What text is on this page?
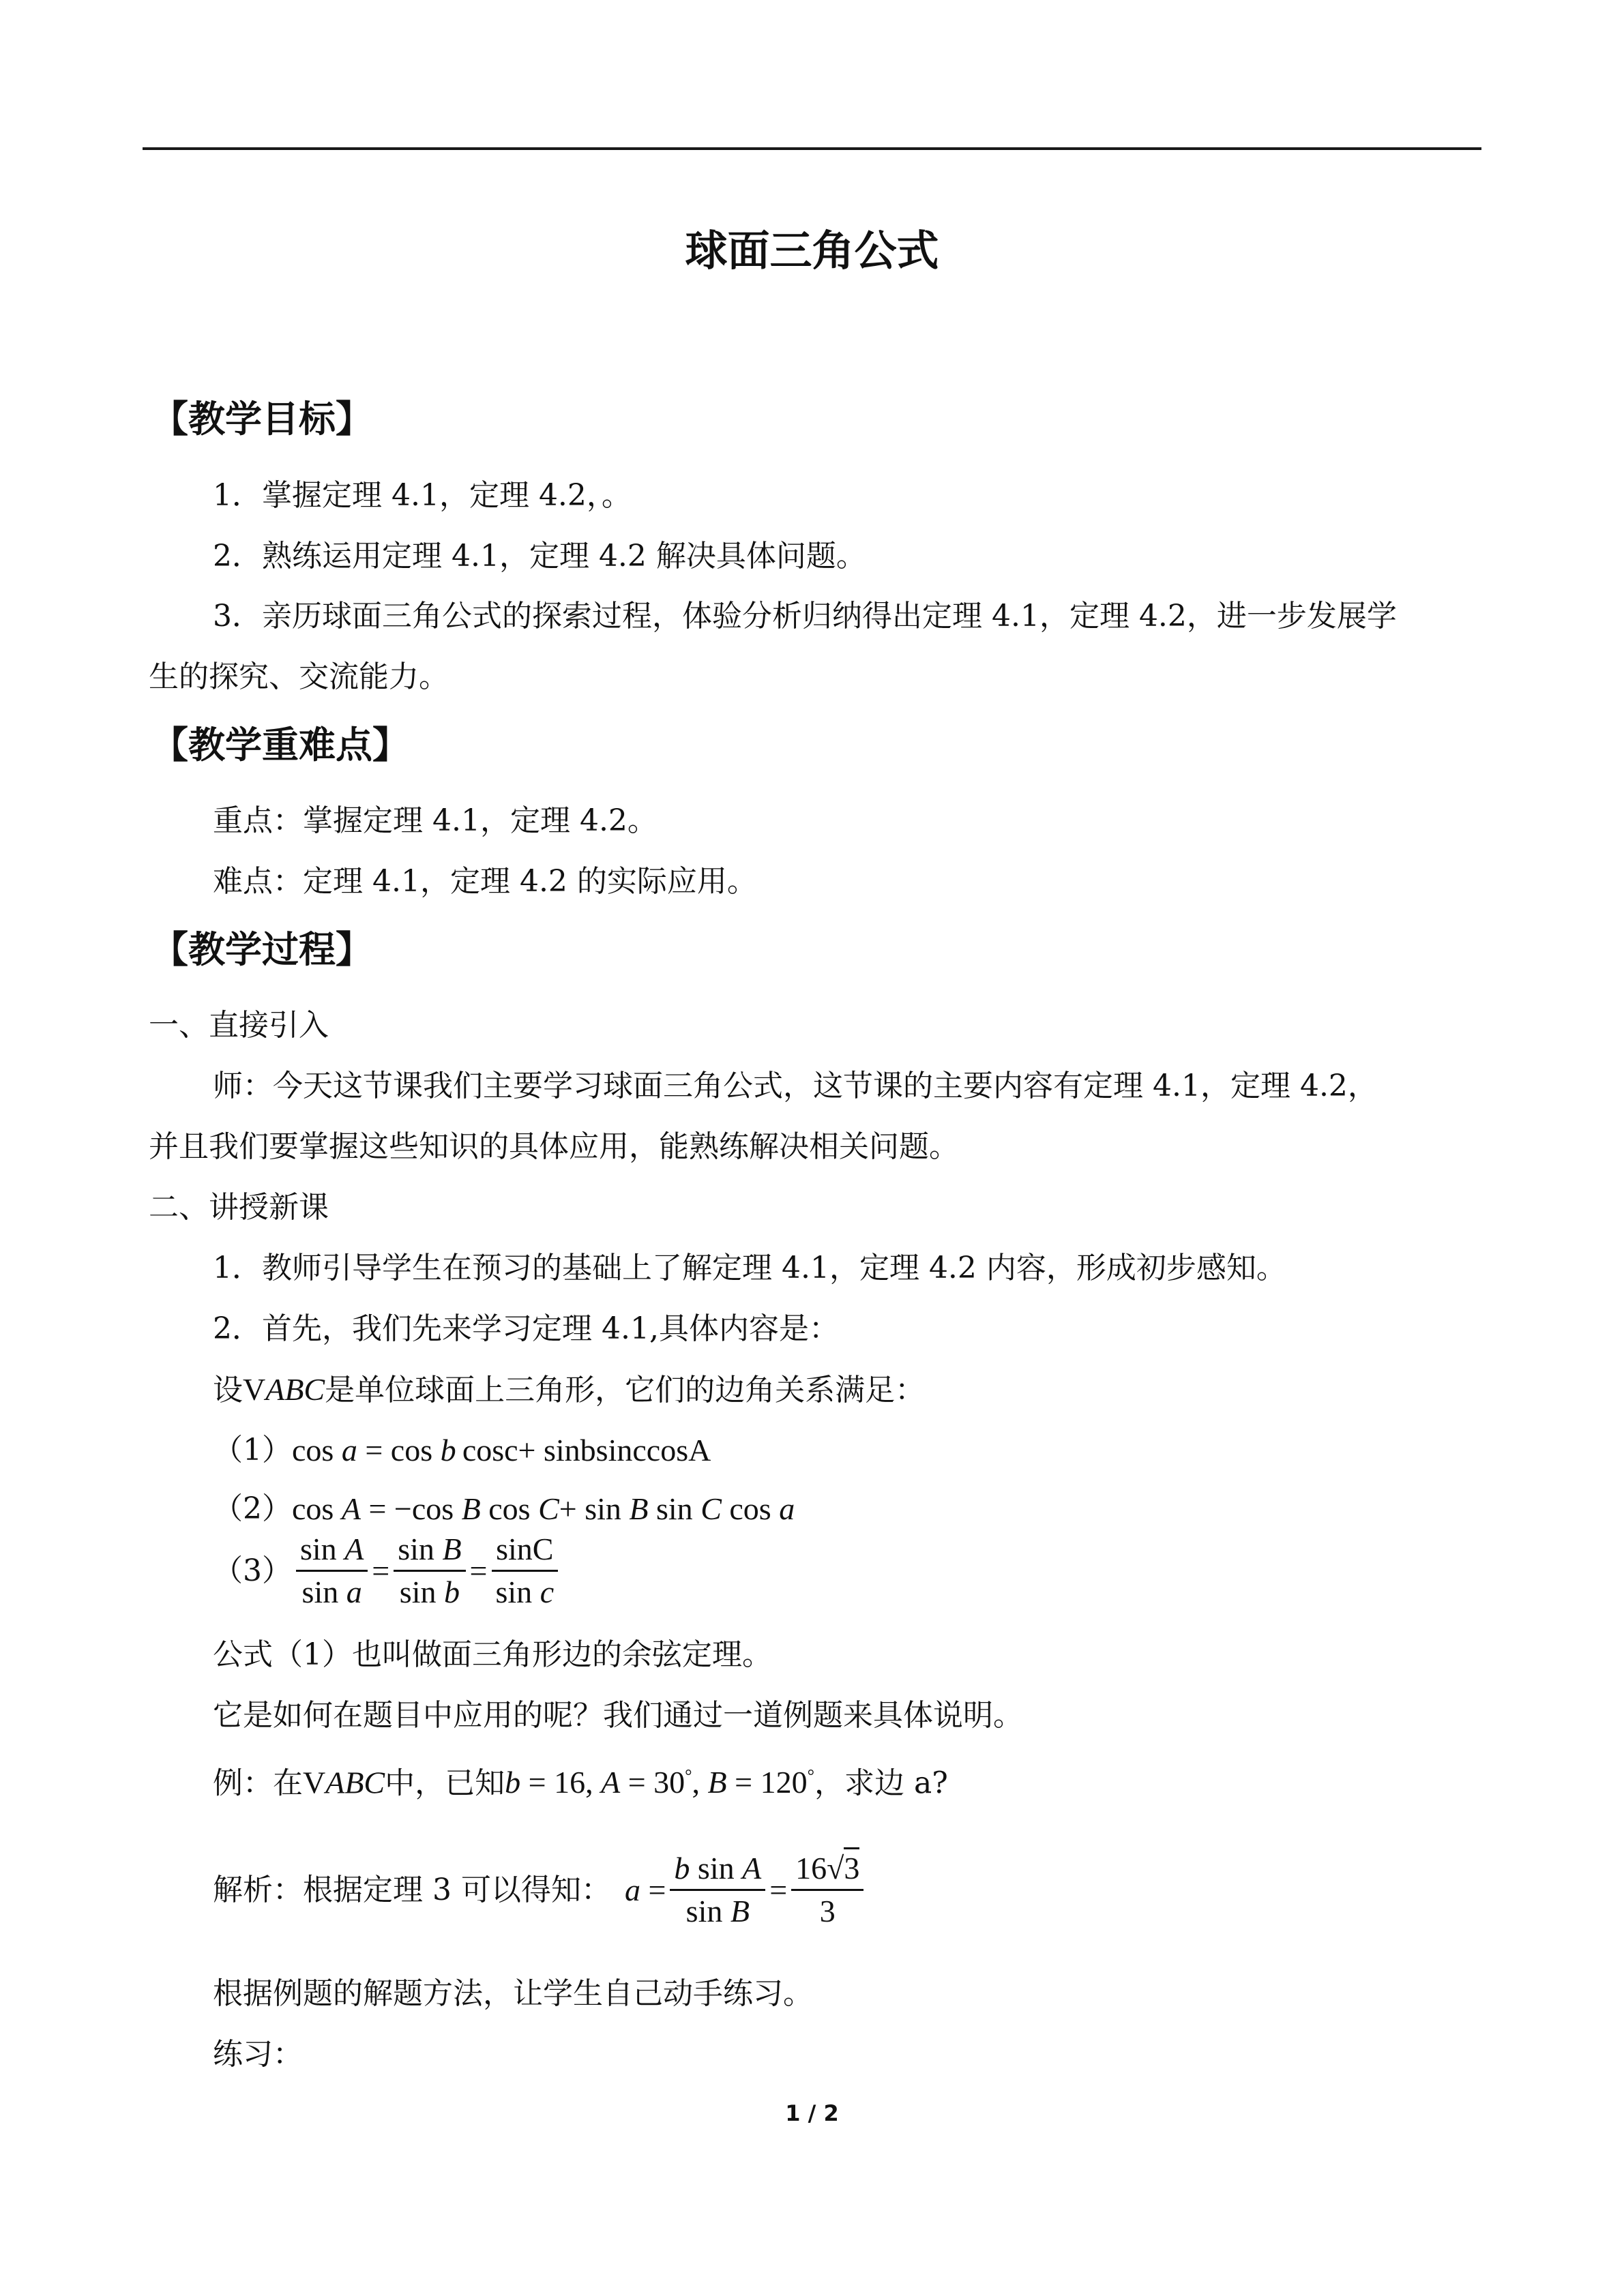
球面三角公式
【教学目标】
1．掌握定理 4.1，定理 4.2，。
2．熟练运用定理 4.1，定理 4.2 解决具体问题。
3．亲历球面三角公式的探索过程，体验分析归纳得出定理 4.1，定理 4.2，进一步发展学
生的探究、交流能力。
【教学重难点】
重点：掌握定理 4.1，定理 4.2。
难点：定理 4.1，定理 4.2 的实际应用。
【教学过程】
一、直接引入
师：今天这节课我们主要学习球面三角公式，这节课的主要内容有定理 4.1，定理 4.2，
并且我们要掌握这些知识的具体应用，能熟练解决相关问题。
二、讲授新课
1．教师引导学生在预习的基础上了解定理 4.1，定理 4.2 内容，形成初步感知。
2．首先，我们先来学习定理 4.1,具体内容是：
设VABC是单位球面上三角形，它们的边角关系满足：
（1） cos a = cos b  cosc+ sinbsinccosA
（2） cos A = −cos B cos C+ sin B sin C cos a
$(3) \frac{\text{sin A}}{\text{sin a}} = \frac{\text{sin B}}{\text{sin b}} = \frac{\sin C}{\text{sin c}}$
公式（1）也叫做面三角形边的余弦定理。
它是如何在题目中应用的呢？我们通过一道例题来具体说明。
例：在VABC中，已知b = 16, A = 30°, B = 120°，求边 a?
解析：根据定理 3 可以得知： $a = \frac{\text{b sin A}}{\text{sin B}} = \frac{16√3}{3}$
根据例题的解题方法，让学生自己动手练习。
练习：
1 / 2
